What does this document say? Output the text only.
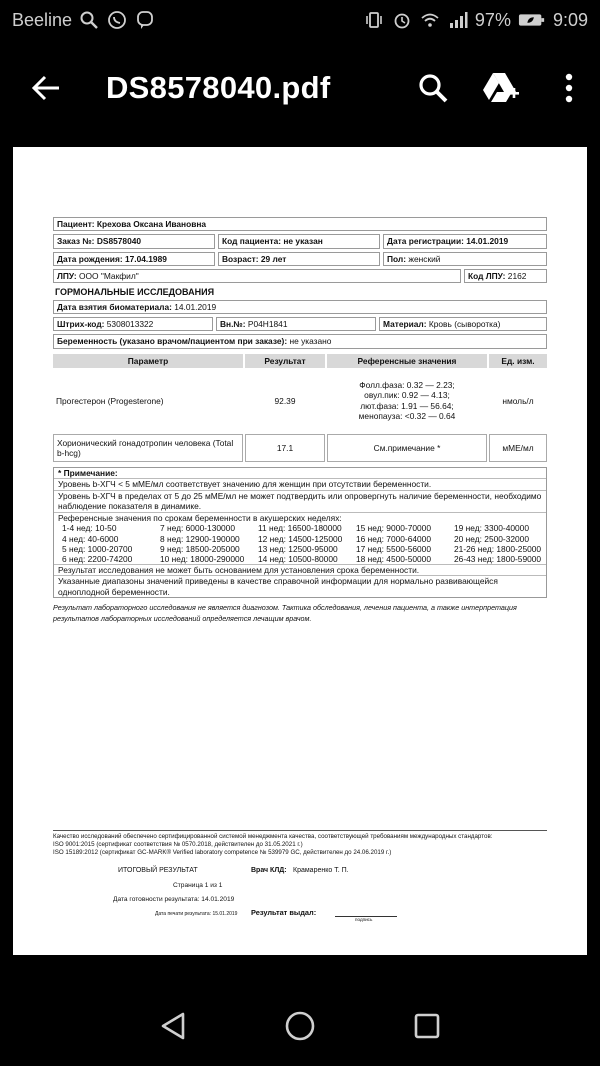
Beeline	97% 9:09
DS8578040.pdf
Пациент: Крехова Оксана Ивановна
Заказ №: DS8578040	Код пациента: не указан	Дата регистрации: 14.01.2019
Дата рождения: 17.04.1989	Возраст: 29 лет	Пол: женский
ЛПУ: ООО "Макфил"	Код ЛПУ: 2162
ГОРМОНАЛЬНЫЕ ИССЛЕДОВАНИЯ
Дата взятия биоматериала: 14.01.2019
Штрих-код: 5308013322	Вн.№: P04H1841	Материал: Кровь (сыворотка)
Беременность (указано врачом/пациентом при заказе): не указано
Параметр	Результат	Референсные значения	Ед. изм.
Прогестерон (Progesterone)	92.39	Фолл.фаза: 0.32 — 2.23;
овул.пик: 0.92 — 4.13;
лют.фаза: 1.91 — 56.64;
менопауза: <0.32 — 0.64	нмоль/л
Хорионический гонадотропин человека (Total b-hcg)	17.1	См.примечание *	мМЕ/мл
* Примечание:
Уровень b-ХГЧ < 5 мМЕ/мл соответствует значению для женщин при отсутствии беременности.
Уровень b-ХГЧ в пределах от 5 до 25 мМЕ/мл не может подтвердить или опровергнуть наличие беременности, необходимо наблюдение показателя в динамике.
Референсные значения по срокам беременности в акушерских неделях:
1-4 нед: 10-50	7 нед: 6000-130000	11 нед: 16500-180000	15 нед: 9000-70000	19 нед: 3300-40000
4 нед: 40-6000	8 нед: 12900-190000	12 нед: 14500-125000	16 нед: 7000-64000	20 нед: 2500-32000
5 нед: 1000-20700	9 нед: 18500-205000	13 нед: 12500-95000	17 нед: 5500-56000	21-26 нед: 1800-25000
6 нед: 2200-74200	10 нед: 18000-290000	14 нед: 10500-80000	18 нед: 4500-50000	26-43 нед: 1800-59000
Результат исследования не может быть основанием для установления срока беременности.
Указанные диапазоны значений приведены в качестве справочной информации для нормально развивающейся одноплодной беременности.
Результат лабораторного исследования не является диагнозом. Тактика обследования, лечения пациента, а также интерпретация результатов лабораторных исследований определяется лечащим врачом.
Качество исследований обеспечено сертифицированной системой менеджмента качества, соответствующей требованиям международных стандартов:
ISO 9001:2015 (сертификат соответствия № 0570.2018, действителен до 31.05.2021 г.)
ISO 15189:2012 (сертификат GC-MARK® Verified laboratory competence № 539979 GC, действителен до 24.06.2019 г.)
ИТОГОВЫЙ РЕЗУЛЬТАТ	Врач КЛД: Крамаренко Т. П.
Страница 1 из 1
Дата готовности результата: 14.01.2019
Дата печати результата: 15.01.2019 Результат выдал:
подпись
